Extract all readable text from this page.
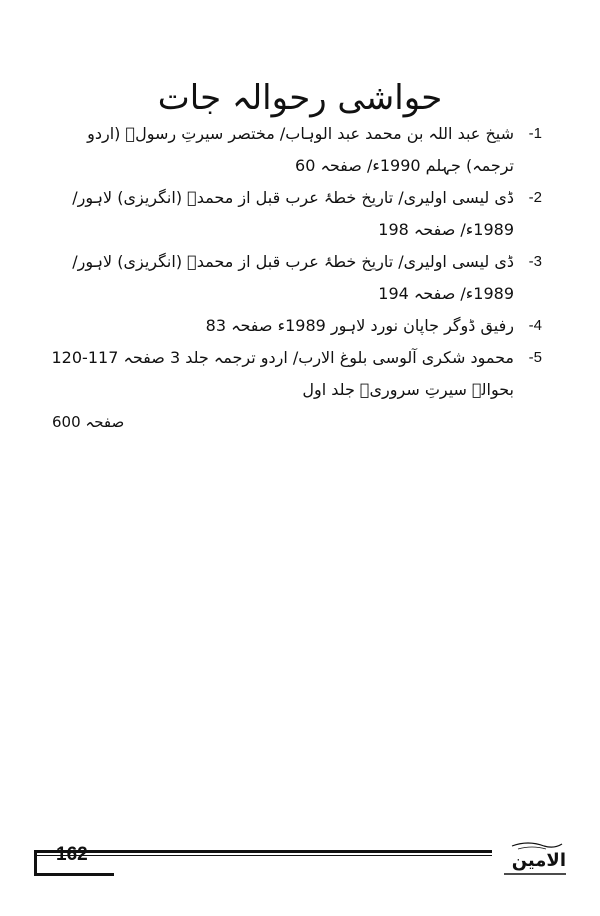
حواشی رحوالہ جات
-1
شیخ عبد اللہ بن محمد عبد الوہاب/ مختصر سیرتِ رسولؐ (اردو ترجمہ) جہلم 1990ء/ صفحہ 60
-2
ڈی لیسی اولیری/ تاریخ خطۂ عرب قبل از محمدؐ (انگریزی) لاہور/ 1989ء/ صفحہ 198
-3
ڈی لیسی اولیری/ تاریخ خطۂ عرب قبل از محمدؐ (انگریزی) لاہور/ 1989ء/ صفحہ 194
-4
رفیق ڈوگر جاپان نورد لاہور 1989ء صفحہ 83
-5
محمود شکری آلوسی بلوغ الارب/ اردو ترجمہ جلد 3 صفحہ 117-120 بحوالہ سیرتِ سروریؐ جلد اول
صفحہ 600
162	الامین
